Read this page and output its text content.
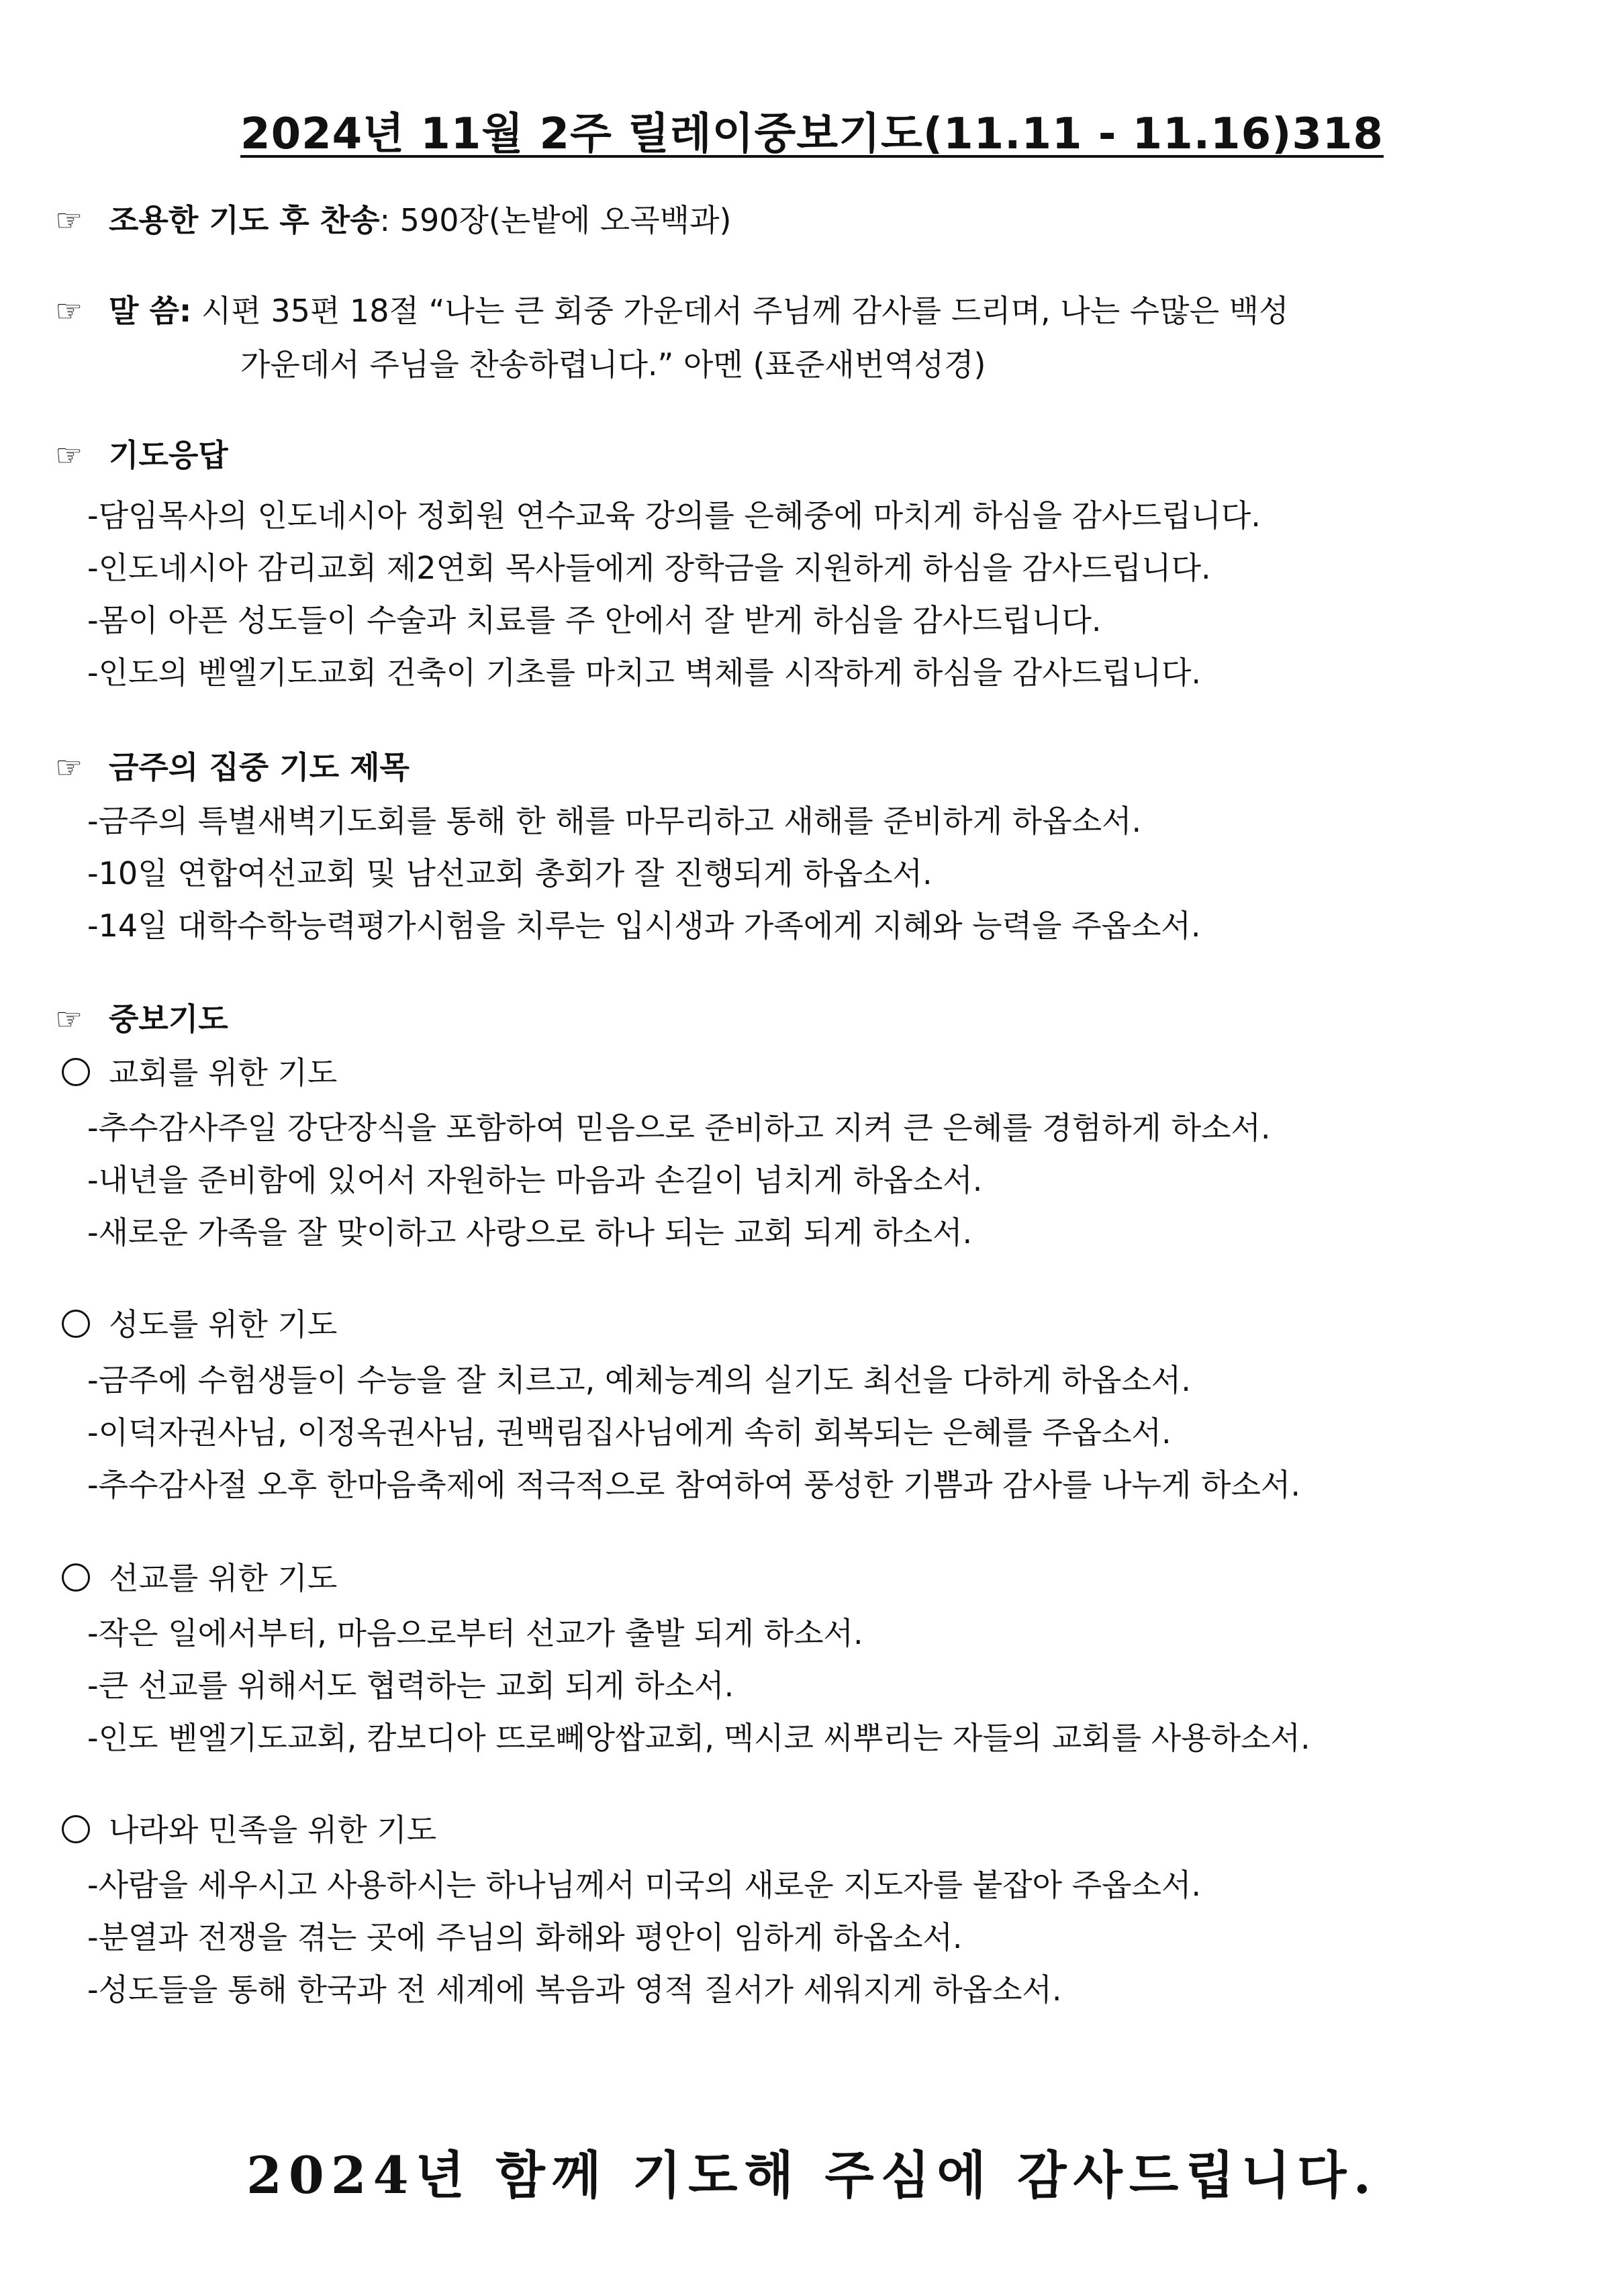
2024년 11월 2주 릴레이중보기도(11.11 - 11.16)318
☞ 조용한 기도 후 찬송: 590장(논밭에 오곡백과)
☞ 말 씀: 시편 35편 18절 “나는 큰 회중 가운데서 주님께 감사를 드리며, 나는 수많은 백성
가운데서 주님을 찬송하렵니다.” 아멘 (표준새번역성경)
☞ 기도응답
-담임목사의 인도네시아 정회원 연수교육 강의를 은혜중에 마치게 하심을 감사드립니다.
-인도네시아 감리교회 제2연회 목사들에게 장학금을 지원하게 하심을 감사드립니다.
-몸이 아픈 성도들이 수술과 치료를 주 안에서 잘 받게 하심을 감사드립니다.
-인도의 벧엘기도교회 건축이 기초를 마치고 벽체를 시작하게 하심을 감사드립니다.
☞ 금주의 집중 기도 제목
-금주의 특별새벽기도회를 통해 한 해를 마무리하고 새해를 준비하게 하옵소서.
-10일 연합여선교회 및 남선교회 총회가 잘 진행되게 하옵소서.
-14일 대학수학능력평가시험을 치루는 입시생과 가족에게 지혜와 능력을 주옵소서.
☞ 중보기도
교회를 위한 기도
-추수감사주일 강단장식을 포함하여 믿음으로 준비하고 지켜 큰 은혜를 경험하게 하소서.
-내년을 준비함에 있어서 자원하는 마음과 손길이 넘치게 하옵소서.
-새로운 가족을 잘 맞이하고 사랑으로 하나 되는 교회 되게 하소서.
성도를 위한 기도
-금주에 수험생들이 수능을 잘 치르고, 예체능계의 실기도 최선을 다하게 하옵소서.
-이덕자권사님, 이정옥권사님, 권백림집사님에게 속히 회복되는 은혜를 주옵소서.
-추수감사절 오후 한마음축제에 적극적으로 참여하여 풍성한 기쁨과 감사를 나누게 하소서.
선교를 위한 기도
-작은 일에서부터, 마음으로부터 선교가 출발 되게 하소서.
-큰 선교를 위해서도 협력하는 교회 되게 하소서.
-인도 벧엘기도교회, 캄보디아 뜨로뻬앙쌉교회, 멕시코 씨뿌리는 자들의 교회를 사용하소서.
나라와 민족을 위한 기도
-사람을 세우시고 사용하시는 하나님께서 미국의 새로운 지도자를 붙잡아 주옵소서.
-분열과 전쟁을 겪는 곳에 주님의 화해와 평안이 임하게 하옵소서.
-성도들을 통해 한국과 전 세계에 복음과 영적 질서가 세워지게 하옵소서.
2024년 함께 기도해 주심에 감사드립니다.
